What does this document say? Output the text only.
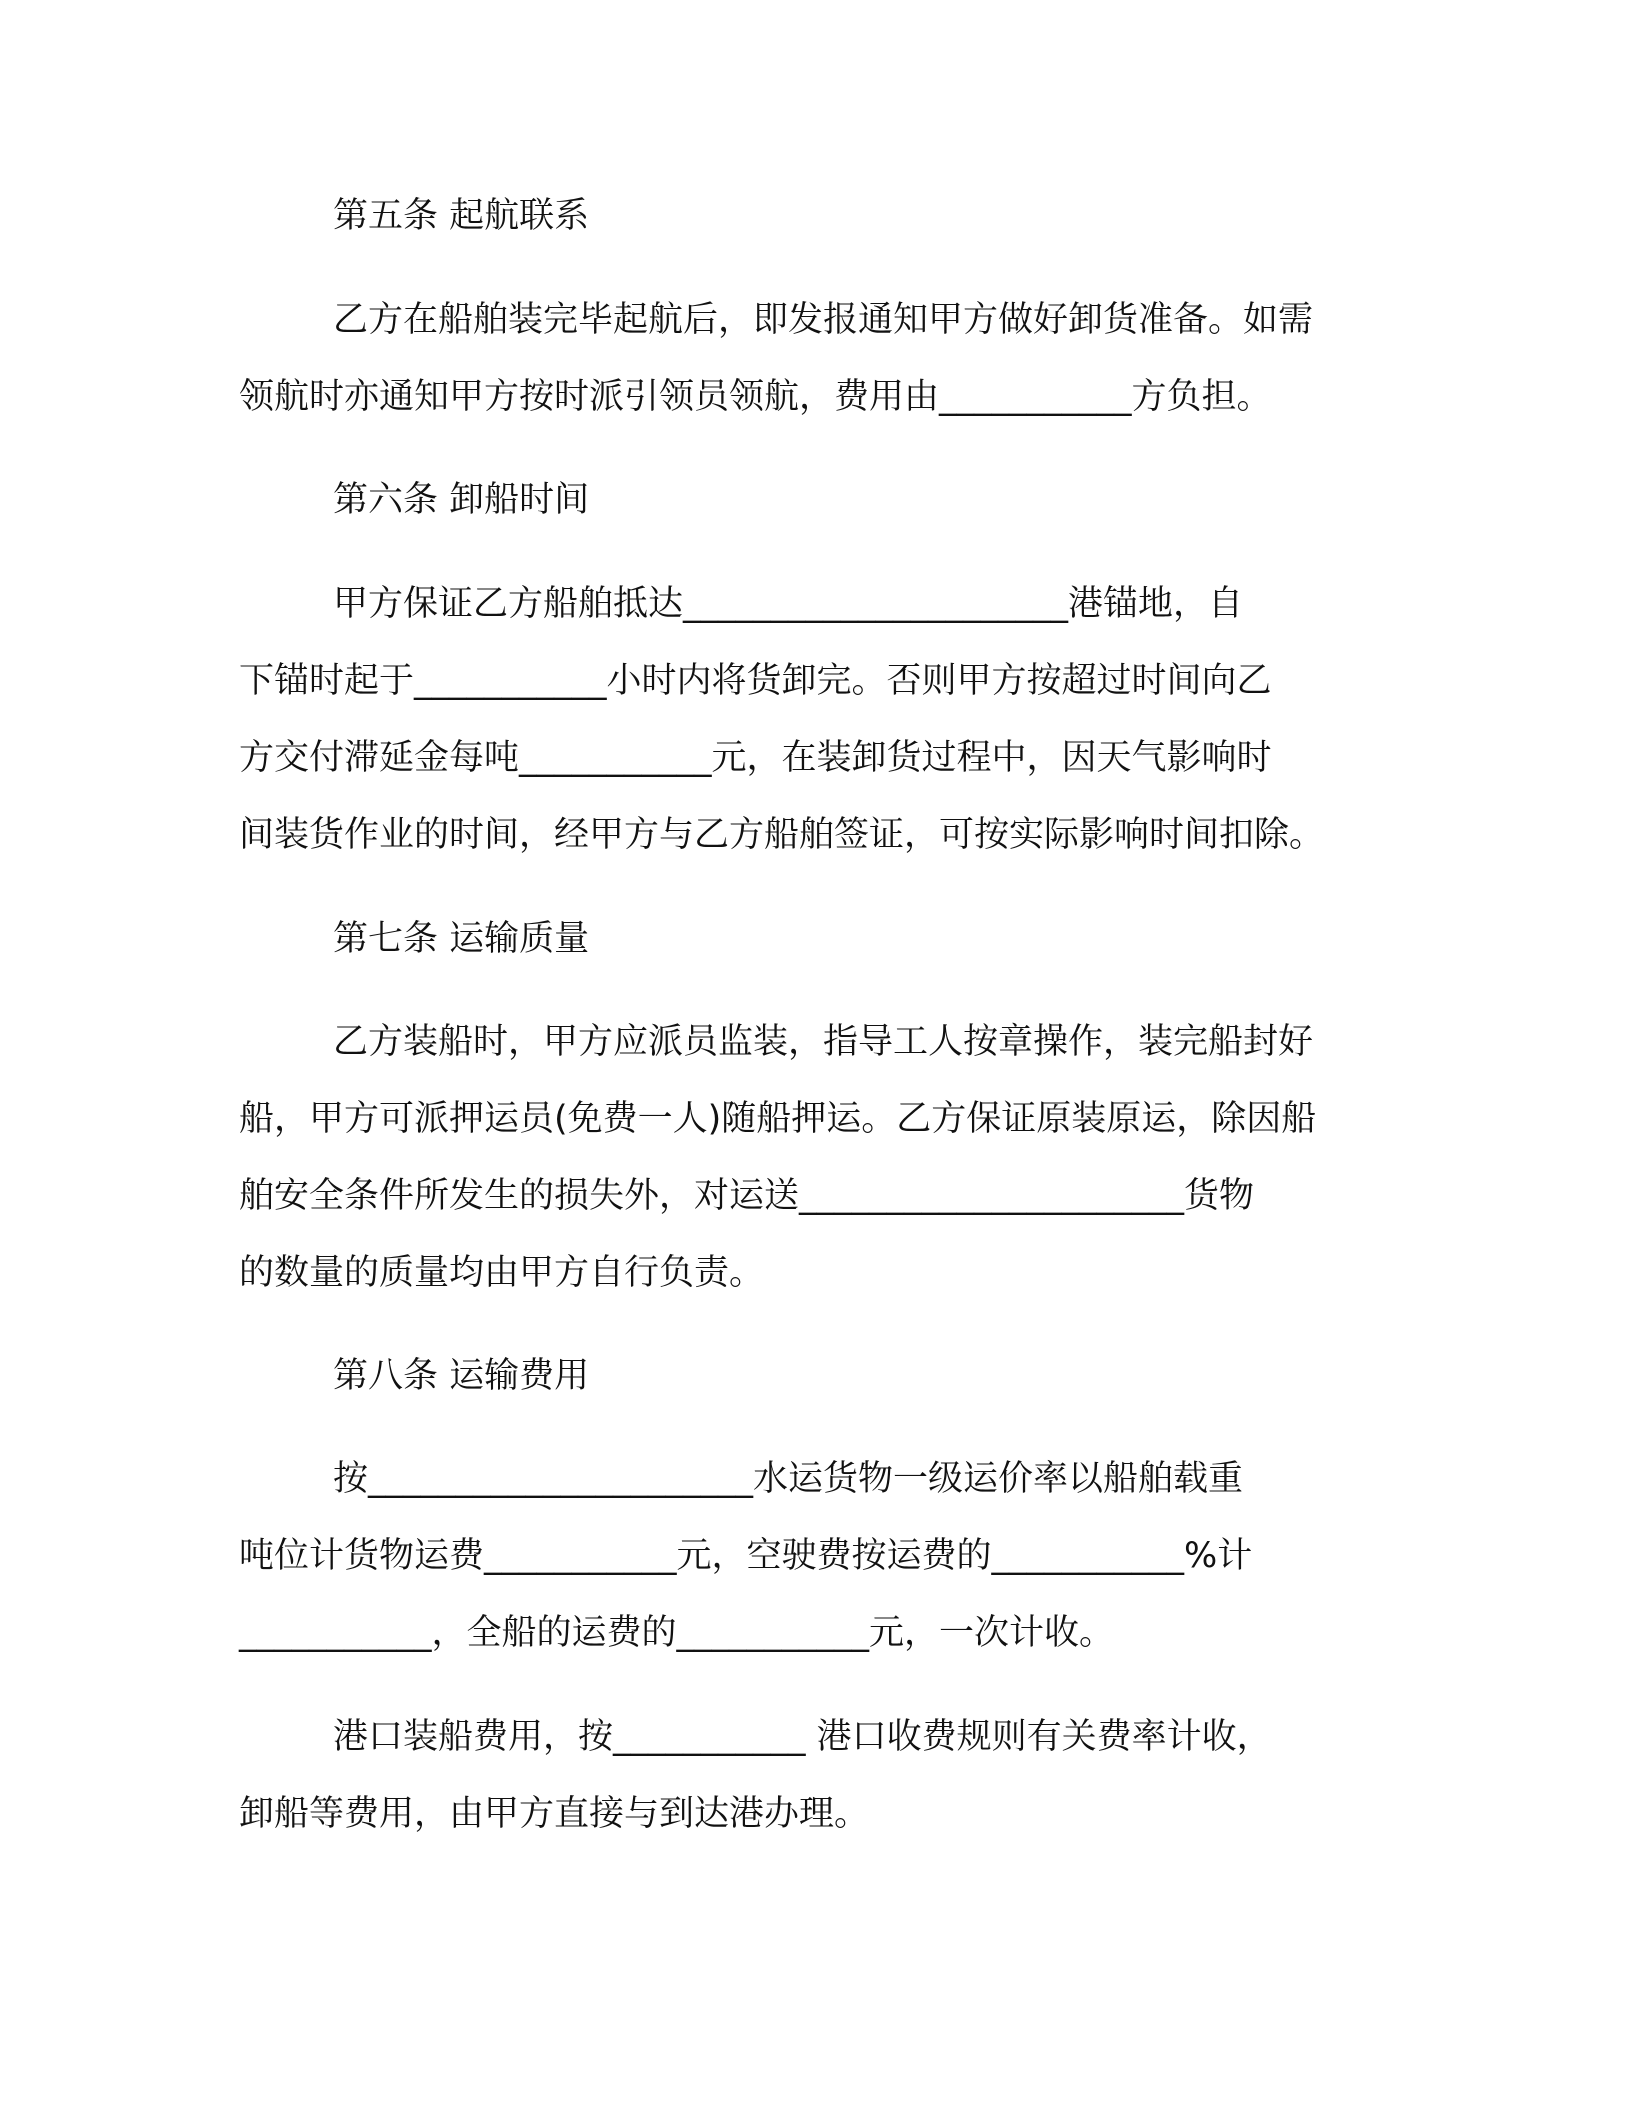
第五条 起航联系
乙方在船舶装完毕起航后，即发报通知甲方做好卸货准备。如需
领航时亦通知甲方按时派引领员领航，费用由___________方负担。
第六条 卸船时间
甲方保证乙方船舶抵达______________________港锚地，自
下锚时起于___________小时内将货卸完。否则甲方按超过时间向乙
方交付滞延金每吨___________元，在装卸货过程中，因天气影响时
间装货作业的时间，经甲方与乙方船舶签证，可按实际影响时间扣除。
第七条 运输质量
乙方装船时，甲方应派员监装，指导工人按章操作，装完船封好
船，甲方可派押运员(免费一人)随船押运。乙方保证原装原运，除因船
舶安全条件所发生的损失外，对运送______________________货物
的数量的质量均由甲方自行负责。
第八条 运输费用
按______________________水运货物一级运价率以船舶载重
吨位计货物运费___________元，空驶费按运费的___________%计
___________，全船的运费的___________元，一次计收。
港口装船费用，按___________ 港口收费规则有关费率计收，
卸船等费用，由甲方直接与到达港办理。
